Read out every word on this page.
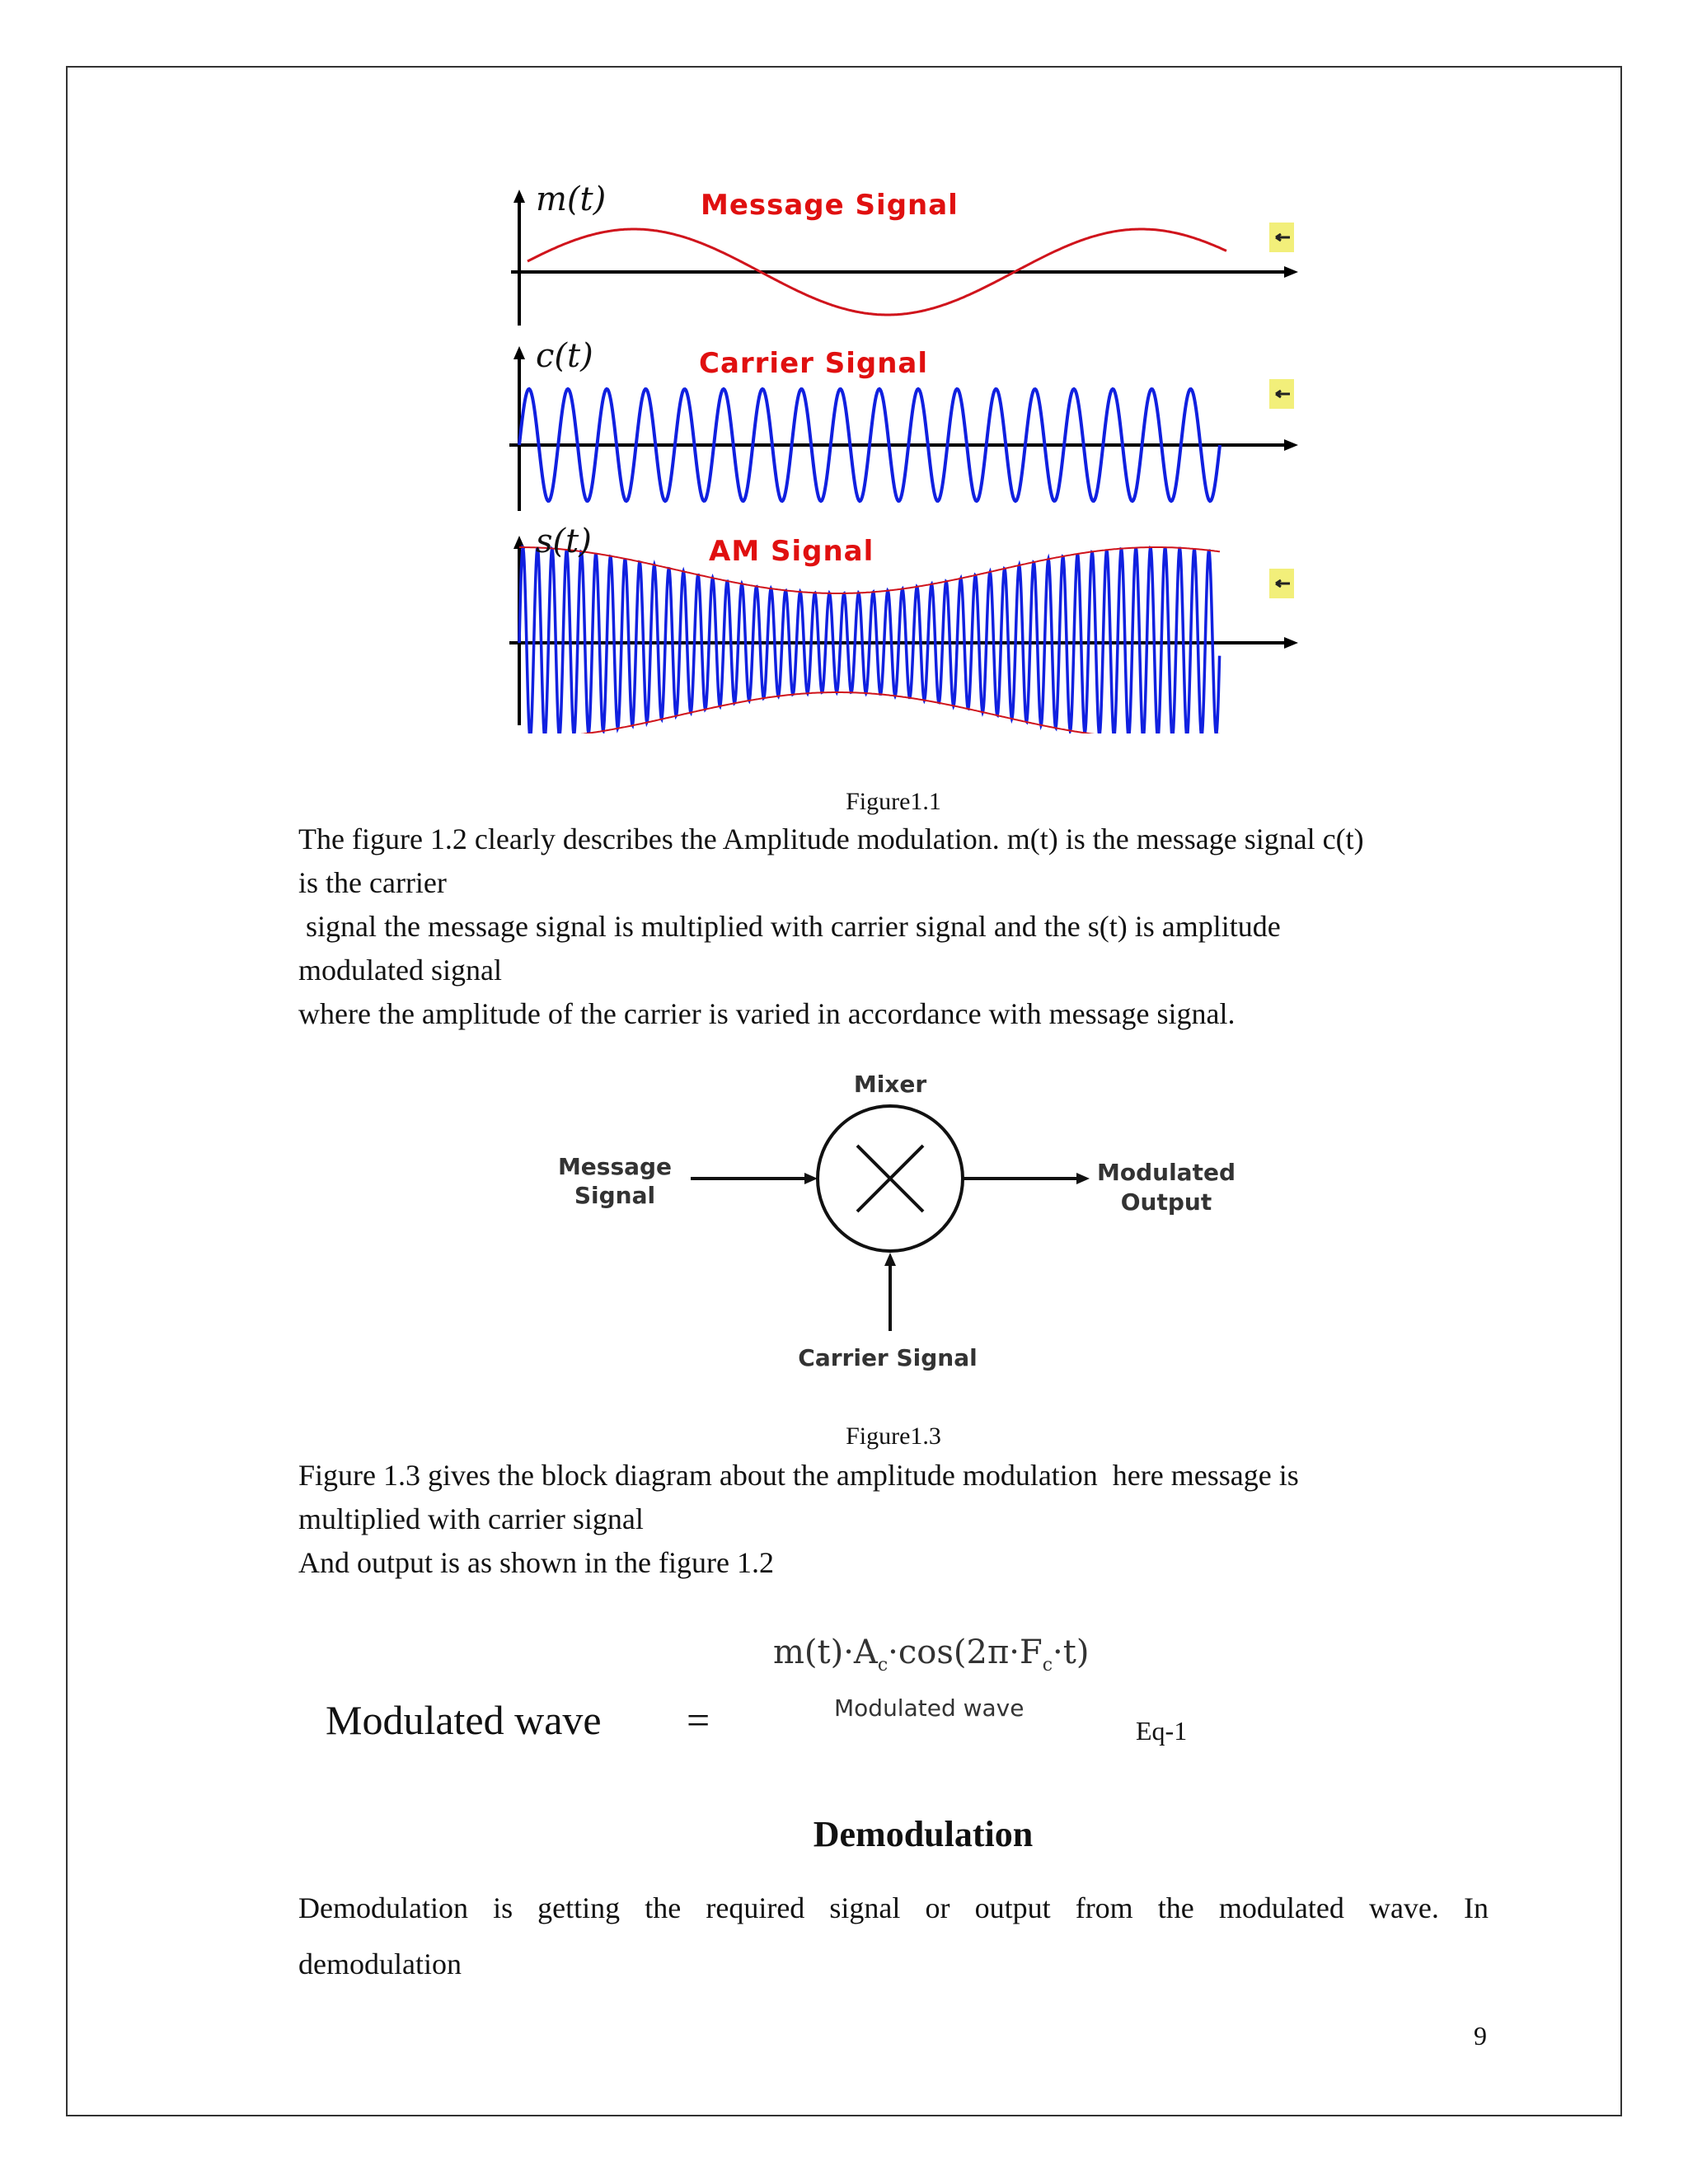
m(t)	Message Signal
c(t)	Carrier Signal
s(t)	AM Signal
Figure1.1
The figure 1.2 clearly describes the Amplitude modulation. m(t) is the message signal c(t)
is the carrier
signal the message signal is multiplied with carrier signal and the s(t) is amplitude
modulated signal
where the amplitude of the carrier is varied in accordance with message signal.
Mixer
Message
Signal
Modulated
Output
Carrier Signal
Figure1.3
Figure 1.3 gives the block diagram about the amplitude modulation  here message is
multiplied with carrier signal
And output is as shown in the figure 1.2
Modulated wave =
$m(t)\cdot A_c\cdot\cos(2\pi\cdot F_c\cdot t)$
Modulated wave
Eq-1
Demodulation
Demodulation is getting the required signal or output from the modulated wave. In
demodulation
9
